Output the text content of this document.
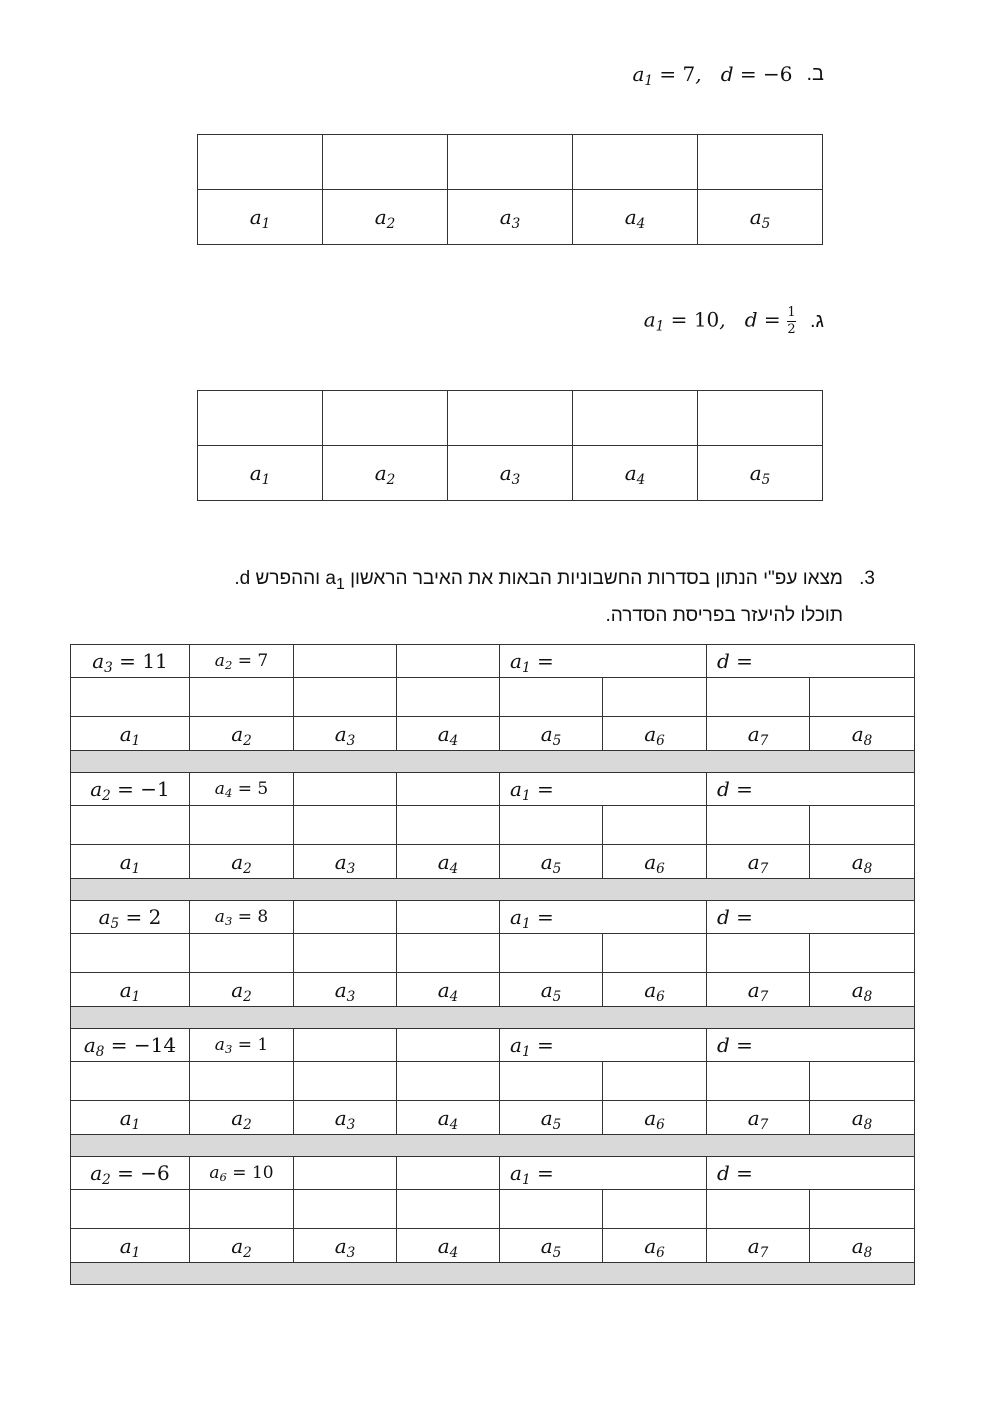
$a_1 = 7$,   d = −6 ב.

$a_1$	$a_2$	$a_3$	$a_4$	$a_5$
$a_1 = 10$,   $d = \frac{1}{2}$ ג.

$a_1$	$a_2$	$a_3$	$a_4$	$a_5$
3.מצאו עפ"י הנתון בסדרות החשבוניות הבאות את האיבר הראשון $a_1$ וההפרש d.
תוכלו להיעזר בפריסת הסדרה.
$a_3 = 11$	$a_2 = 7$			$a_1$ =		d =	

$a_1$	$a_2$	$a_3$	$a_4$	$a_5$	$a_6$	$a_7$	$a_8$

$a_2 = -1$	$a_4 = 5$			$a_1$ =		d =	

$a_1$	$a_2$	$a_3$	$a_4$	$a_5$	$a_6$	$a_7$	$a_8$

$a_5 = 2$	$a_3 = 8$			$a_1$ =		d =	

$a_1$	$a_2$	$a_3$	$a_4$	$a_5$	$a_6$	$a_7$	$a_8$

$a_8 = -14$	$a_3 = 1$			$a_1$ =		d =	

$a_1$	$a_2$	$a_3$	$a_4$	$a_5$	$a_6$	$a_7$	$a_8$

$a_2 = -6$	$a_6 = 10$			$a_1$ =		d =	

$a_1$	$a_2$	$a_3$	$a_4$	$a_5$	$a_6$	$a_7$	$a_8$
